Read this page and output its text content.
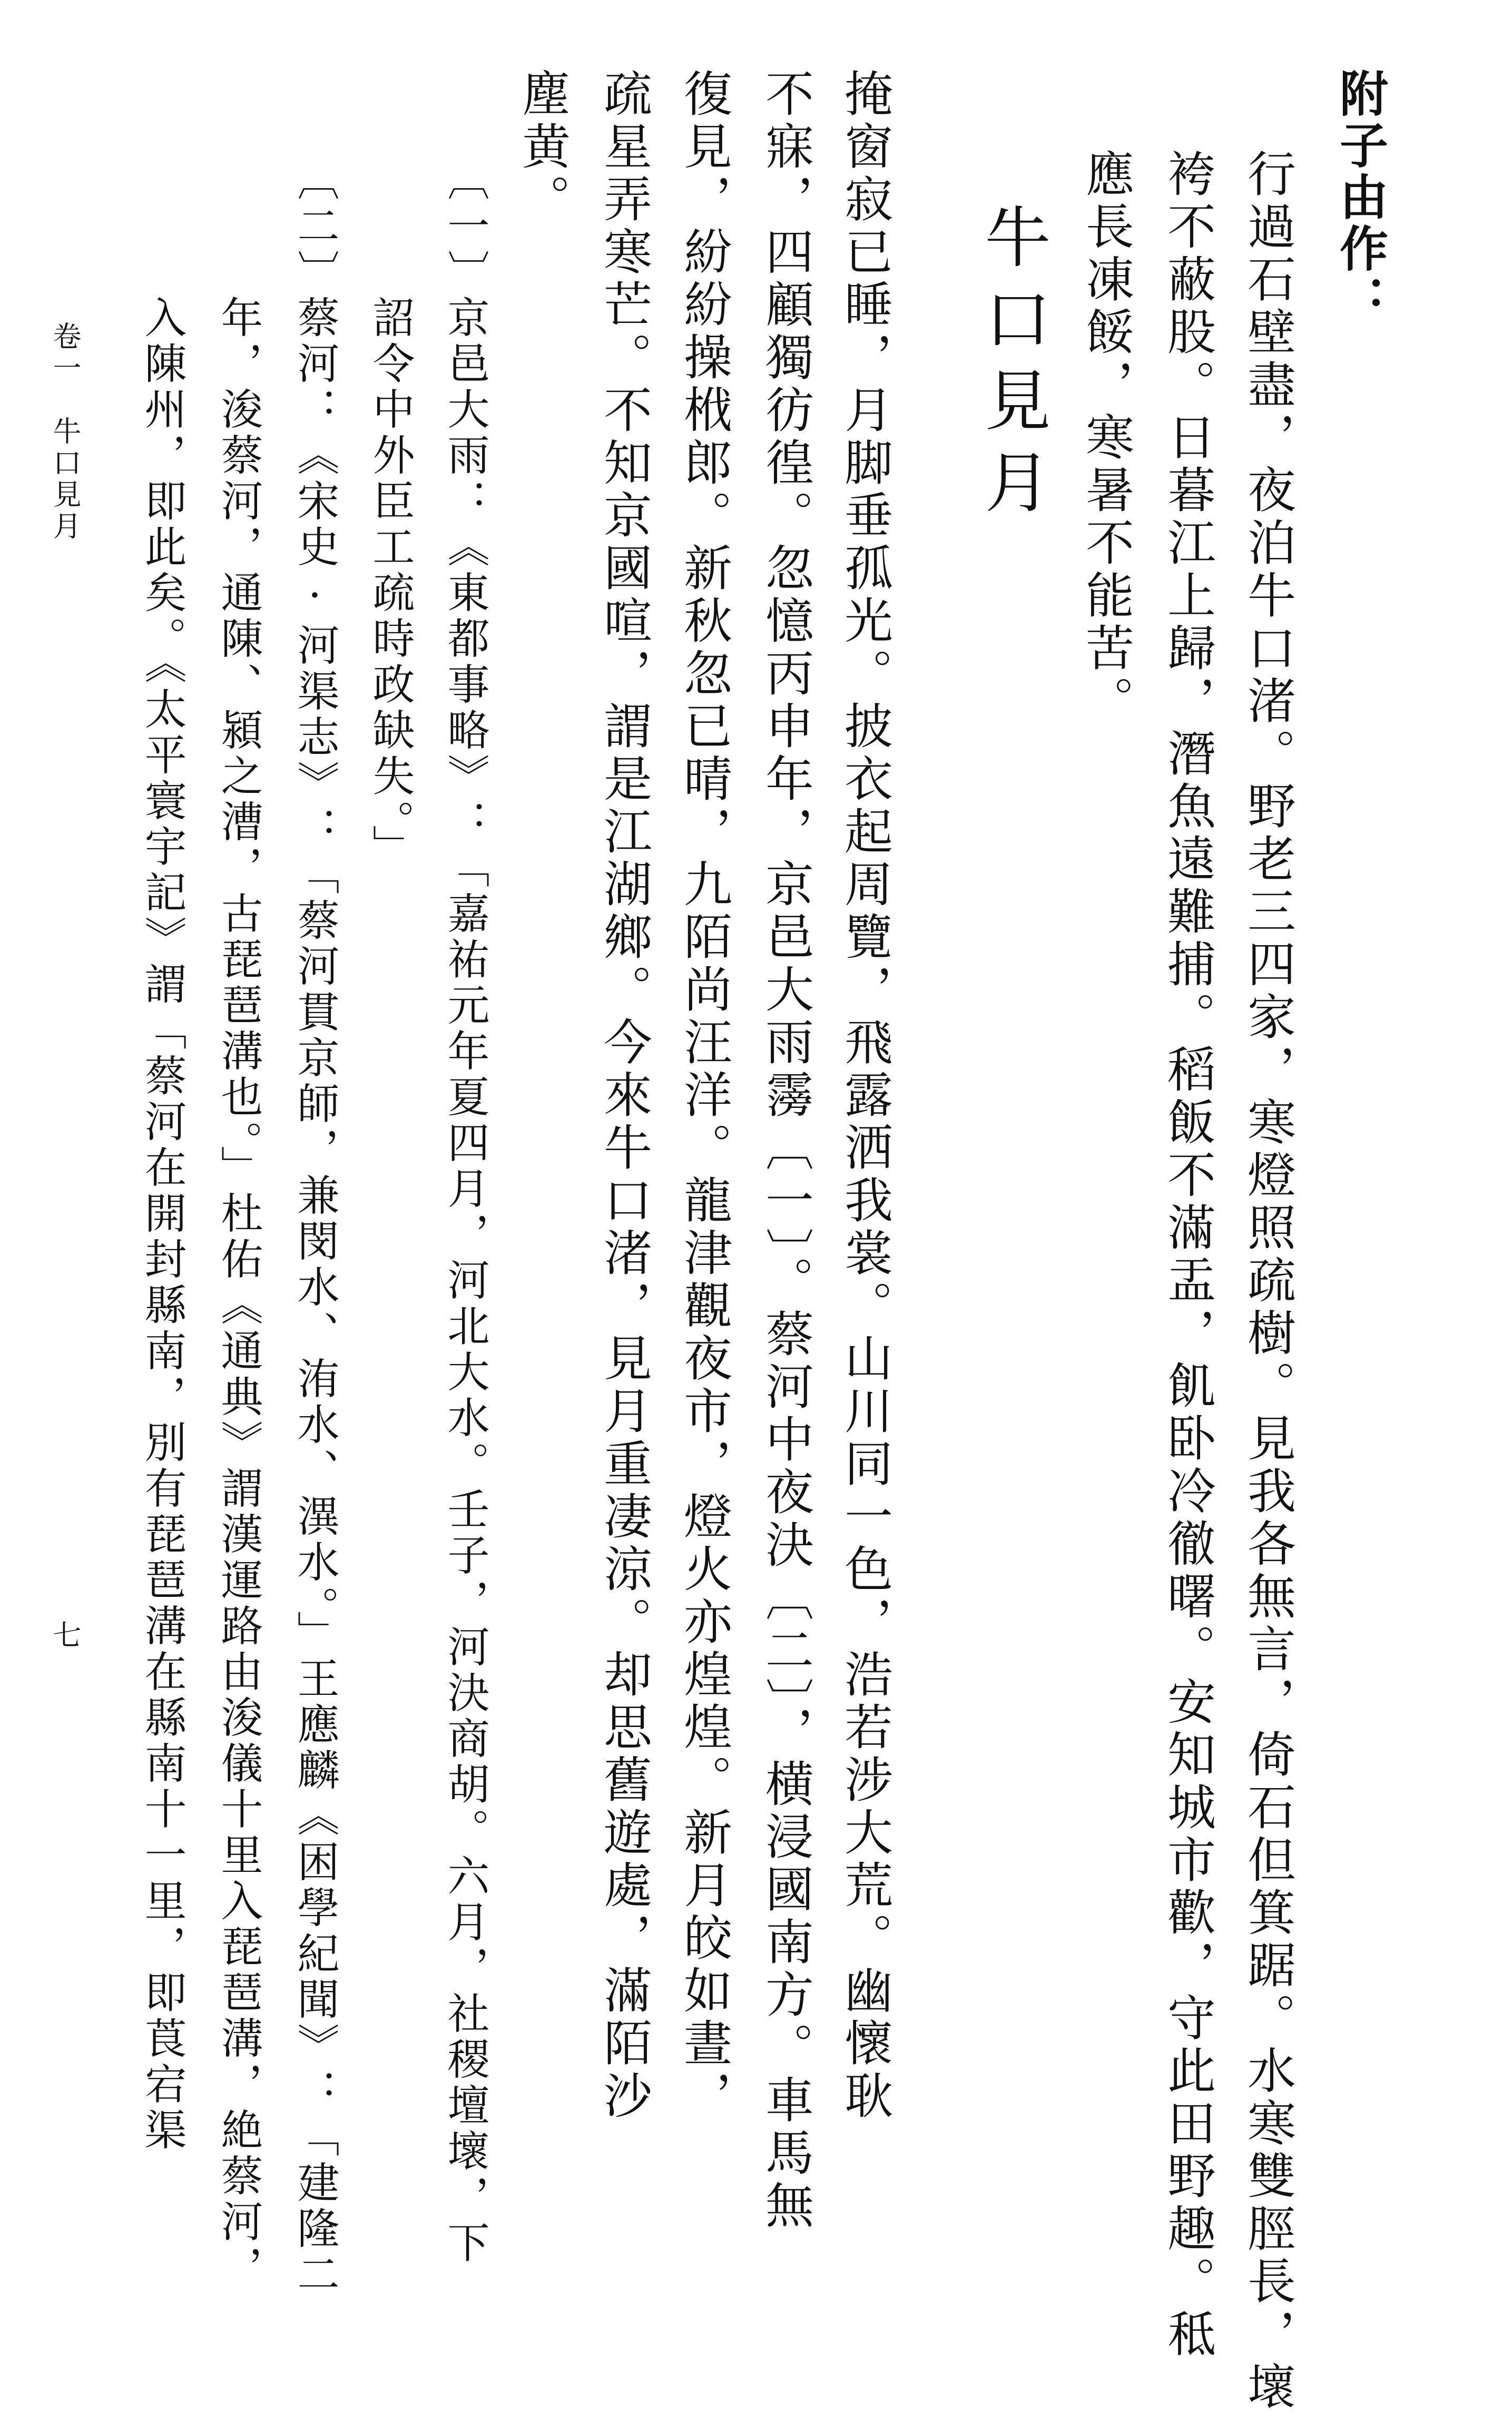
附子由作：
行過石壁盡，夜泊牛口渚。野老三四家，寒燈照疏樹。見我各無言，倚石但箕踞。水寒雙脛長，壞
袴不蔽股。日暮江上歸，潛魚遠難捕。稻飯不滿盂，飢卧冷徹曙。安知城市歡，守此田野趣。秪
應長凍餒，寒暑不能苦。
牛口見月
掩窗寂已睡，月脚垂孤光。披衣起周覽，飛露洒我裳。山川同一色，浩若涉大荒。幽懷耿
不寐，四顧獨彷徨。忽憶丙申年，京邑大雨霶〔一〕。蔡河中夜決〔二〕，横浸國南方。車馬無
復見，紛紛操栰郎。新秋忽已晴，九陌尚汪洋。龍津觀夜市，燈火亦煌煌。新月皎如晝，
疏星弄寒芒。不知京國喧，謂是江湖鄉。今來牛口渚，見月重凄涼。却思舊遊處，滿陌沙
塵黄。
〔一〕京邑大雨：《東都事略》：「嘉祐元年夏四月，河北大水。壬子，河決商胡。六月，社稷壇壞，下
　　　詔令中外臣工疏時政缺失。」
〔二〕蔡河：《宋史·河渠志》：「蔡河貫京師，兼閔水、洧水、潩水。」王應麟《困學紀聞》：「建隆二
　　　年，浚蔡河，通陳、潁之漕，古琵琶溝也。」杜佑《通典》謂漢運路由浚儀十里入琵琶溝，絶蔡河，
　　　入陳州，即此矣。《太平寰宇記》謂「蔡河在開封縣南，別有琵琶溝在縣南十一里，即莨宕渠
卷一　牛口見月
七
